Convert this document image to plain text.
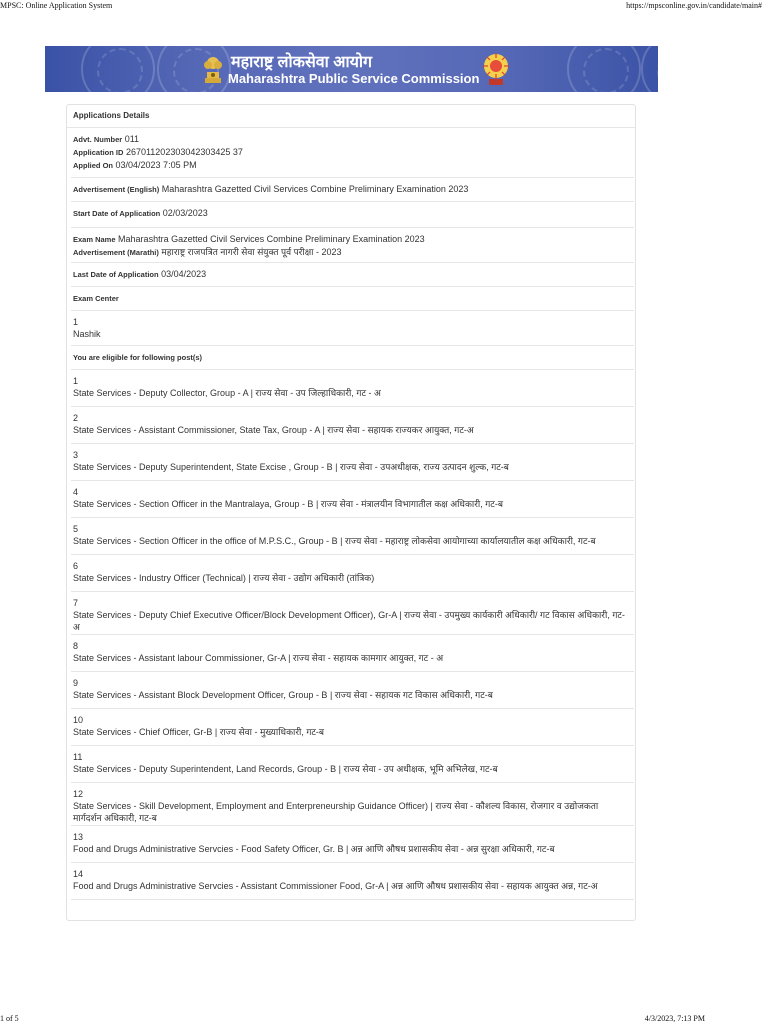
MPSC: Online Application System	https://mpsconline.gov.in/candidate/main#
महाराष्ट्र लोकसेवा आयोग
Maharashtra Public Service Commission
Applications Details
Advt. Number 011
Application ID 267011202303042303425 37
Applied On 03/04/2023 7:05 PM
Advertisement (English) Maharashtra Gazetted Civil Services Combine Preliminary Examination 2023
Start Date of Application 02/03/2023
Exam Name Maharashtra Gazetted Civil Services Combine Preliminary Examination 2023
Advertisement (Marathi) महाराष्ट्र राजपत्रित नागरी सेवा संयुक्त पूर्व परीक्षा - 2023
Last Date of Application 03/04/2023
Exam Center
1
Nashik
You are eligible for following post(s)
1
State Services - Deputy Collector, Group - A | राज्य सेवा - उप जिल्हाधिकारी, गट - अ
2
State Services - Assistant Commissioner, State Tax, Group - A | राज्य सेवा - सहायक राज्यकर आयुक्त, गट-अ
3
State Services - Deputy Superintendent, State Excise , Group - B | राज्य सेवा - उपअधीक्षक, राज्य उत्पादन शुल्क, गट-ब
4
State Services - Section Officer in the Mantralaya, Group - B | राज्य सेवा - मंत्रालयीन विभागातील कक्ष अधिकारी, गट-ब
5
State Services - Section Officer in the office of M.P.S.C., Group - B | राज्य सेवा - महाराष्ट्र लोकसेवा आयोगाच्या कार्यालयातील कक्ष अधिकारी, गट-ब
6
State Services - Industry Officer (Technical) | राज्य सेवा - उद्योग अधिकारी (तांत्रिक)
7
State Services - Deputy Chief Executive Officer/Block Development Officer), Gr-A | राज्य सेवा - उपमुख्य कार्यकारी अधिकारी/ गट विकास अधिकारी, गट-अ
8
State Services - Assistant labour Commissioner, Gr-A | राज्य सेवा - सहायक कामगार आयुक्त, गट - अ
9
State Services - Assistant Block Development Officer, Group - B | राज्य सेवा - सहायक गट विकास अधिकारी, गट-ब
10
State Services - Chief Officer, Gr-B | राज्य सेवा - मुख्याधिकारी, गट-ब
11
State Services - Deputy Superintendent, Land Records, Group - B | राज्य सेवा - उप अधीक्षक, भूमि अभिलेख, गट-ब
12
State Services - Skill Development, Employment and Enterpreneurship Guidance Officer) | राज्य सेवा - कौशल्य विकास, रोजगार व उद्योजकता मार्गदर्शन अधिकारी, गट-ब
13
Food and Drugs Administrative Servcies - Food Safety Officer, Gr. B | अन्न आणि औषध प्रशासकीय सेवा - अन्न सुरक्षा अधिकारी, गट-ब
14
Food and Drugs Administrative Servcies - Assistant Commissioner Food, Gr-A | अन्न आणि औषध प्रशासकीय सेवा - सहायक आयुक्त अन्न, गट-अ
1 of 5	4/3/2023, 7:13 PM
